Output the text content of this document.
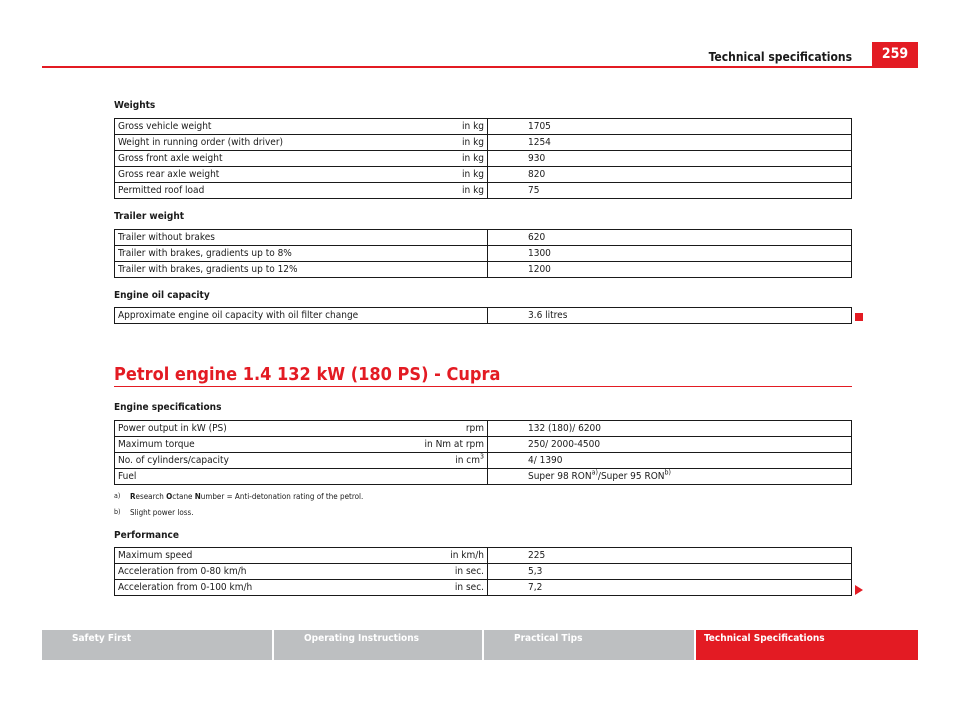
Technical specifications	259
Weights
Gross vehicle weight in kg	1705

Weight in running order (with driver) in kg	1254

Gross front axle weight in kg	930

Gross rear axle weight in kg	820

Permitted roof load in kg	75
Trailer weight
Trailer without brakes	620

Trailer with brakes, gradients up to 8%	1300

Trailer with brakes, gradients up to 12%	1200
Engine oil capacity
Approximate engine oil capacity with oil filter change	3.6 litres
Petrol engine 1.4 132 kW (180 PS) - Cupra
Engine specifications
Power output in kW (PS) rpm	132 (180)/ 6200

Maximum torque in Nm at rpm	250/ 2000-4500

No. of cylinders/capacity in $cm^3$	4/ 1390

Fuel	Super 98 RON$^{a)}$/Super 95 RON$^{b)}$
a) Research Octane Number = Anti-detonation rating of the petrol.
b) Slight power loss.
Performance
Maximum speed in km/h	225

Acceleration from 0-80 km/h in sec.	5,3

Acceleration from 0-100 km/h in sec.	7,2
Safety First	Operating Instructions	Practical Tips	Technical Specifications
